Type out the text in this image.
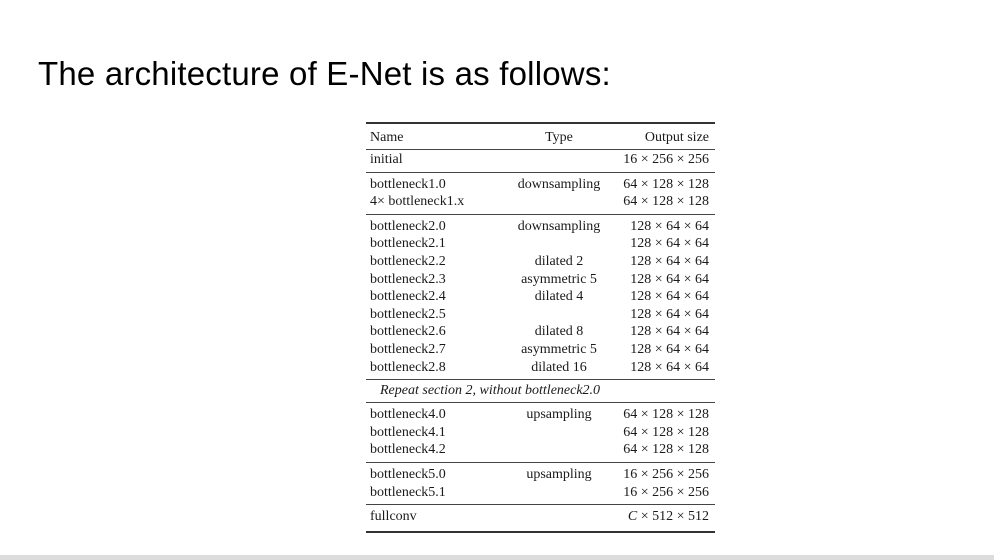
The architecture of E-Net is as follows:
Name	Type	Output size
initial	16 × 256 × 256
bottleneck1.0	downsampling	64 × 128 × 128
4× bottleneck1.x	64 × 128 × 128
bottleneck2.0	downsampling	128 × 64 × 64
bottleneck2.1	128 × 64 × 64
bottleneck2.2	dilated 2	128 × 64 × 64
bottleneck2.3	asymmetric 5	128 × 64 × 64
bottleneck2.4	dilated 4	128 × 64 × 64
bottleneck2.5	128 × 64 × 64
bottleneck2.6	dilated 8	128 × 64 × 64
bottleneck2.7	asymmetric 5	128 × 64 × 64
bottleneck2.8	dilated 16	128 × 64 × 64
Repeat section 2, without bottleneck2.0
bottleneck4.0	upsampling	64 × 128 × 128
bottleneck4.1	64 × 128 × 128
bottleneck4.2	64 × 128 × 128
bottleneck5.0	upsampling	16 × 256 × 256
bottleneck5.1	16 × 256 × 256
fullconv	C × 512 × 512
